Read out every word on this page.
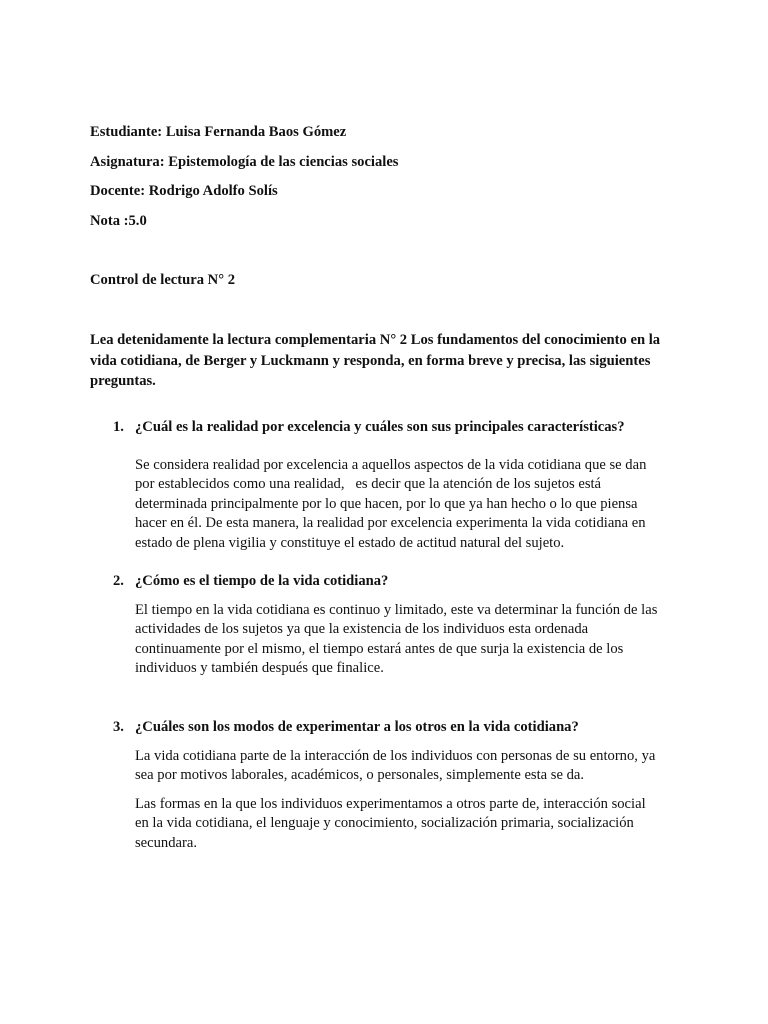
Estudiante: Luisa Fernanda Baos Gómez
Asignatura: Epistemología de las ciencias sociales
Docente: Rodrigo Adolfo Solís
Nota :5.0
Control de lectura N° 2
Lea detenidamente la lectura complementaria N° 2 Los fundamentos del conocimiento en la
vida cotidiana, de Berger y Luckmann y responda, en forma breve y precisa, las siguientes
preguntas.
1. ¿Cuál es la realidad por excelencia y cuáles son sus principales características?
Se considera realidad por excelencia a aquellos aspectos de la vida cotidiana que se dan
por establecidos como una realidad,   es decir que la atención de los sujetos está
determinada principalmente por lo que hacen, por lo que ya han hecho o lo que piensa
hacer en él. De esta manera, la realidad por excelencia experimenta la vida cotidiana en
estado de plena vigilia y constituye el estado de actitud natural del sujeto.
2. ¿Cómo es el tiempo de la vida cotidiana?
El tiempo en la vida cotidiana es continuo y limitado, este va determinar la función de las
actividades de los sujetos ya que la existencia de los individuos esta ordenada
continuamente por el mismo, el tiempo estará antes de que surja la existencia de los
individuos y también después que finalice.
3. ¿Cuáles son los modos de experimentar a los otros en la vida cotidiana?
La vida cotidiana parte de la interacción de los individuos con personas de su entorno, ya
sea por motivos laborales, académicos, o personales, simplemente esta se da.
Las formas en la que los individuos experimentamos a otros parte de, interacción social
en la vida cotidiana, el lenguaje y conocimiento, socialización primaria, socialización
secundara.
